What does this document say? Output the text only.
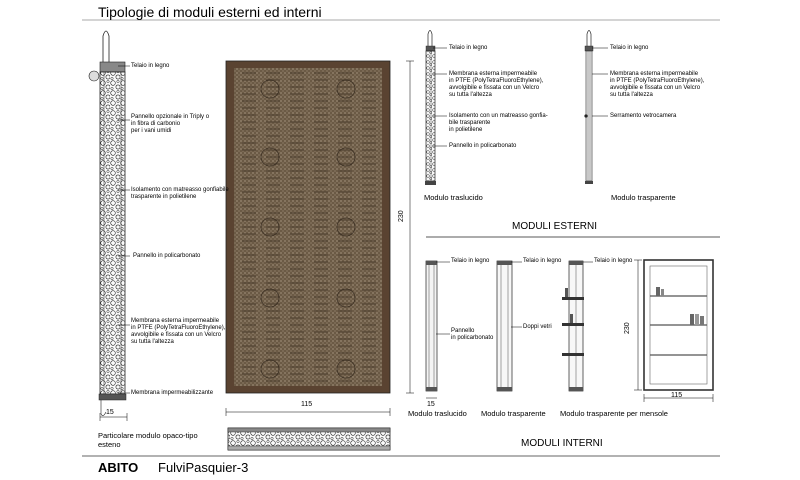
Tipologie di moduli esterni ed interni
Telaio in legno
Pannello opzionale in Triply o
in fibra di carbonio
per i vani umidi
Isolamento con matreasso gonfiabile
trasparente in polietilene
Pannello in policarbonato
Membrana esterna impermeabile
in PTFE (PolyTetraFluoroEthylene),
avvolgibile e fissata con un Velcro
su tutta l'altezza
Membrana impermeabilizzante
15
Particolare modulo opaco-tipo
esteno
115
230
Telaio in legno
Membrana esterna impermeabile
in PTFE (PolyTetraFluoroEthylene),
avvolgibile e fissata con un Velcro
su tutta l'altezza
Isolamento con un matreasso gonfia-
bile trasparente
in polietilene
Pannello in policarbonato
Modulo traslucido
Telaio in legno
Membrana esterna impermeabile
in PTFE (PolyTetraFluoroEthylene),
avvolgibile e fissata con un Velcro
su tutta l'altezza
Serramento vetrocamera
Modulo trasparente
MODULI ESTERNI
Telaio in legno
Pannello
in policarbonato
15
Modulo traslucido
Telaio in legno
Doppi vetri
Modulo trasparente
Telaio in legno
Modulo trasparente per mensole
230
115
MODULI INTERNI
ABITO FulviPasquier-3
